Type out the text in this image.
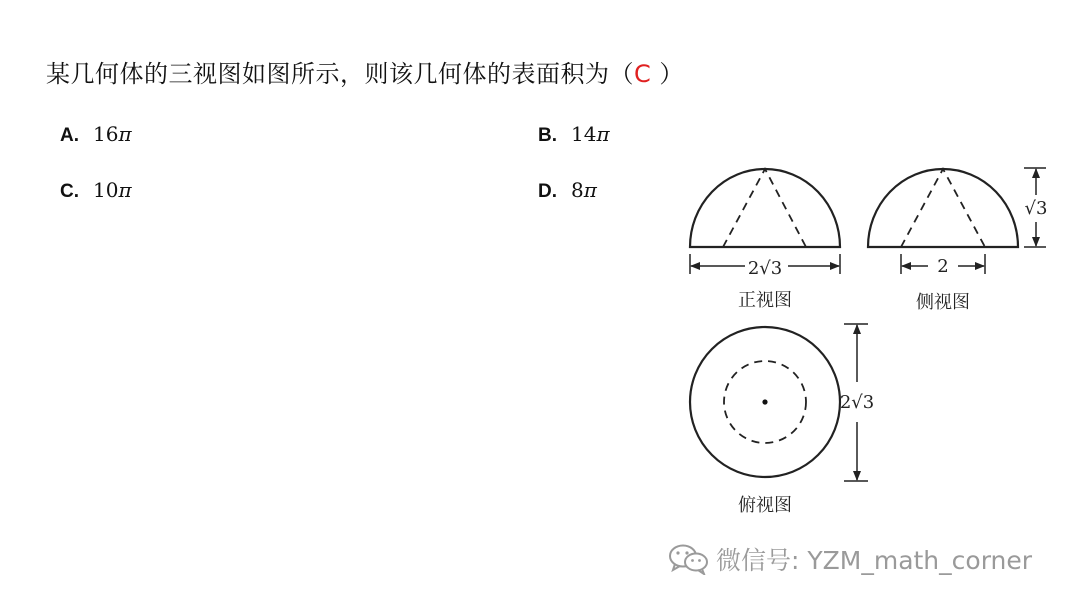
某几何体的三视图如图所示，则该几何体的表面积为（C ）
A. 16π	B. 14π
C. 10π	D. 8π
2√3	2
√3
2√3
正视图	侧视图
俯视图
微信号: YZM_math_corner
